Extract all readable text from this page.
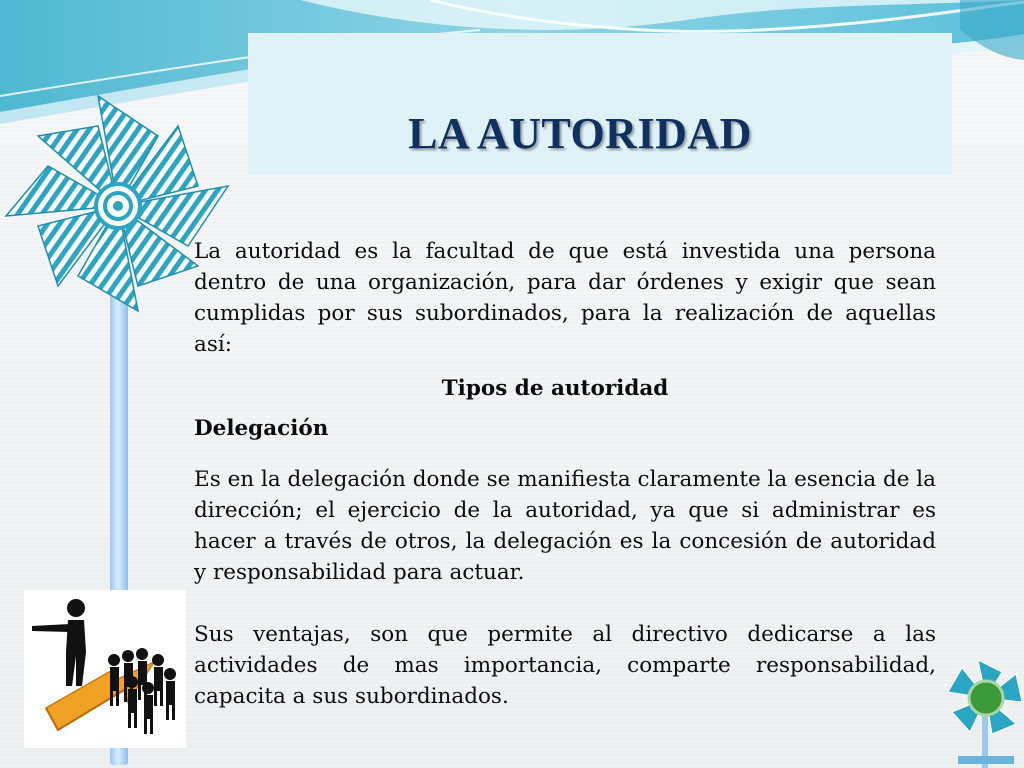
LA AUTORIDAD

La autoridad es la facultad de que está investida una persona dentro de una organización, para dar órdenes y exigir que sean cumplidas por sus subordinados, para la realización de aquellas así:

Tipos de autoridad
Delegación

Es en la delegación donde se manifiesta claramente la esencia de la dirección; el ejercicio de la autoridad, ya que si administrar es hacer a través de otros, la delegación es la concesión de autoridad y responsabilidad para actuar.

Sus ventajas, son que permite al directivo dedicarse a las actividades de mas importancia, comparte responsabilidad, capacita a sus subordinados.
